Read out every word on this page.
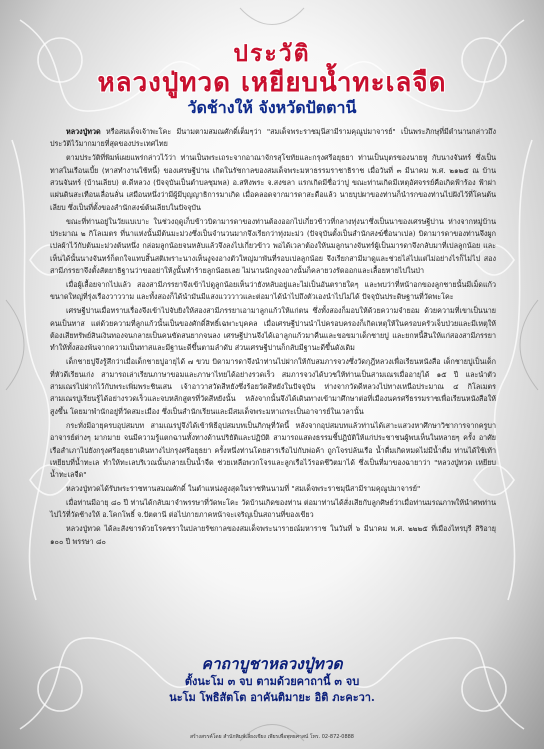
ประวัติ
หลวงปู่ทวด เหยียบน้ำทะเลจืด
วัดช้างให้ จังหวัดปัตตานี

หลวงปู่ทวด หรือสมเด็จเจ้าพะโคะ มีนามตามสมณศักดิ์เต็มๆว่า "สมเด็จพระราชมุนีสามีรามคุณูปมาจารย์" เป็นพระภิกษุที่มีตำนานกล่าวถึงประวัติไว้มากมายที่สุดของประเทศไทย

ตามประวัติที่พิมพ์เผยแพร่กล่าวไว้ว่า ท่านเป็นพระเถระจากอาณาจักรสุโขทัยและกรุงศรีอยุธยา ท่านเป็นบุตรของนายหู กับนางจันทร์ ซึ่งเป็นทาสในเรือนเบี้ย (ทาสทำงานใช้หนี้) ของเศรษฐีปาน เกิดในรัชกาลของสมเด็จพระมหาธรรมราชาธิราช เมื่อวันที่ ๓ มีนาคม พ.ศ. ๒๑๒๕ ณ บ้านสวนจันทร์ (บ้านเลียบ) ต.ดีหลวง (ปัจจุบันเป็นตำบลชุมพล) อ.สทิงพระ จ.สงขลา แรกเกิดมีชื่อว่าปู ขณะท่านเกิดมีเหตุอัศจรรย์คือเกิดฟ้าร้อง ฟ้าผ่า แผ่นดินสะเทือนเลื่อนลั่น เสมือนหนึ่งว่ามีผู้มีบุญญาธิการมาเกิด เมื่อคลอดจากมารดาสะดือแล้ว นายบุปผาของท่านก็นำรกของท่านไปฝังไว้ที่โคนต้นเลียบ ซึ่งเป็นที่ตั้งของสำนักสงฆ์ต้นเลียบในปัจจุบัน

ขณะที่ท่านอยู่ในวัยแบเบาะ ในช่วงฤดูเก็บข้าวบิดามารดาของท่านต้องออกไปเกี่ยวข้าวที่กลางทุ่งนาซึ่งเป็นนาของเศรษฐีปาน ห่างจากหมู่บ้านประมาณ ๒ กิโลเมตร ที่นาแห่งนั้นมีต้นมะม่วงซึ่งเป็นจำนวนมากจึงเรียกว่าทุ่งมะม่ว (ปัจจุบันตั้งเป็นสำนักสงฆ์ชื่อนาเปล) บิดามารดาของท่านจึงผูกเปลผ้าไว้กับต้นมะม่วงต้นหนึ่ง กล่อมลูกน้อยจนหลับแล้วจึงลงไปเกี่ยวข้าว พอได้เวลาต้องให้นมลูกนางจันทร์ผู้เป็นมารดาจึงกลับมาที่เปลลูกน้อย และเห็นได้นั้นนางจันทร์ก็ตกใจแทบสิ้นสติเพราะนางเห็นงูจงอางตัวใหญ่มาพันที่รอบเปลลูกน้อย จึงเรียกสามีมาดูและช่วยไล่ไปแต่ไม่อย่างไรก็ไม่ไป สองสามีภรรยาจึงตั้งสัตยาธิฐานว่าขออย่าให้งูนั้นทำร้ายลูกน้อยเลย ไม่นานนักงูจงอางนั้นก็คลายวงรัดออกและเลื้อยหายไปในป่า

เมื่อผู้เลื้อยจากไปแล้ว สองสามีภรรยาจึงเข้าไปดูลูกน้อยเห็นว่ายังหลับอยู่และไม่เป็นอันตรายใดๆ และพบว่าที่หน้าอกของลูกชายนั้นมีเม็ดแก้วขนาดใหญ่ที่รุ่งเรืองวาววาม และทั้งสองก็ได้นำมันมีแสงแวววาวและต่อมาได้นำไปถึงตัวเองนำไปไม่ได้ ปัจจุบันประดิษฐานที่วัดพะโคะ

เศรษฐีปานเมื่อทราบเรื่องจึงเข้าไปจับยิงให้สองสามีภรรยาเอามาลูกแก้วให้แก่ตน ซึ่งทั้งสองก็มอบให้ด้วยความจำยอม ด้วยความที่เขาเป็นนายคนเป็นทาส แต่ด้วยความที่ลูกแก้วนั้นเป็นของศักดิ์สิทธิ์เฉพาะบุคคล เมื่อเศรษฐีปานนำไปครอบครองก็เกิดเหตุให้ในครอบครัวเจ็บป่วยและมีเหตุให้ต้องเสียทรัพย์สินเงินทองจนกลายเป็นคนขัดสนยากจนลง เศรษฐีปานจึงได้เอาลูกแก้วมาคืนและขอขมาเด็กชายปู และยกหนี้สินให้แก่สองสามีภรรยา ทำให้ทั้งสองพ้นจากความเป็นทาสและมีฐานะดีขึ้นตามลำดับ ส่วนเศรษฐีปานก็กลับมีฐานะดีขึ้นดังเดิม

เด็กชายปูจึงรู้สึกว่าเมื่อเด็กชายปูอายุได้ ๗ ขวบ บิดามารดาจึงนำท่านไปฝากให้กับสมภารจวงซึ่งวัดกุฎีหลวงเพื่อเรียนหนังสือ เด็กชายปูเป็นเด็กที่หัวดีเรียนเก่ง สามารถเล่าเรียนภาษาขอมและภาษาไทยได้อย่างรวดเร็ว สมภารจวงได้บวชให้ท่านเป็นสามเณรเมื่ออายุได้ ๑๕ ปี และนำตัวสามเณรไปฝากไว้กับพระเพิ่มพระชินเสน เจ้าอาวาสวัดสีหยังซึ่งร้อยวัดสีหยังในปัจจุบัน ห่างจากวัดดีหลวงไปทางเหนือประมาณ ๔ กิโลเมตร สามเณรปูเรียนรู้ได้อย่างรวดเร็วและจบหลักสูตรที่วัดสีหยังนั้น หลังจากนั้นจึงได้เดินทางเข้ามาศึกษาต่อที่เมืองนครศรีธรรมราชเพื่อเรียนหนังสือให้สูงขึ้น โดยมาพำนักอยู่ที่วัดสมะเมือง ซึ่งเป็นสำนักเรียนและมีสมเด็จพระมหาเถระเป็นอาจารย์ในเวลานั้น

กระทั่งมีอายุครบอุปสมบท สามเณรปูจึงได้เข้าพิธีอุปสมบทเป็นภิกษุที่วัดนี้ หลังจากอุปสมบทแล้วท่านได้เสาะแสวงหาศึกษาวิชาการจากครูบาอาจารย์ต่างๆ มากมาย จนมีความรู้แตกฉานทั้งทางด้านปริยัติและปฏิบัติ สามารถแสดงธรรมชี้ปฏิบัติให้แก่ประชาชนผู้พบเห็นในหลายๆ ครั้ง อาศัยเรือสำเภาไปยังกรุงศรีอยุธยาเดินทางไปกรุงศรีอยุธยา ครั้งหนึ่งท่านโดยสารเรือไปกับพ่อค้า ถูกโจรปล้นเรือ น้ำดื่มเกิดหมดไม่มีน้ำดื่ม ท่านได้ใช้เท้าเหยียบที่น้ำทะเล ทำให้ทะเลบริเวณนั้นกลายเป็นน้ำจืด ช่วยเหลือพวกโจรและลูกเรือไว้รอดชีวิตมาได้ ซึ่งเป็นที่มาของฉายาว่า "หลวงปู่ทวด เหยียบน้ำทะเลจืด"

หลวงปู่ทวดได้รับพระราชทานสมณศักดิ์ ในตำแหน่งสูงสุดในราชทินนามที่ "สมเด็จพระราชมุนีสามีรามคุณูปมาจารย์"

เมื่อท่านมีอายุ ๘๐ ปี ท่านได้กลับมาจำพรรษาที่วัดพะโคะ วัดบ้านเกิดของท่าน ต่อมาท่านได้สั่งเสียกับลูกศิษย์ว่าเมื่อท่านมรณภาพให้นำศพท่านไปไว้ที่วัดช้างให้ อ.โคกโพธิ์ จ.ปัตตานี ต่อไปภายภาคหน้าจะเจริญเป็นสถานที่ของเขียว

หลวงปู่ทวด ได้ละสังขารด้วยโรคชราในปลายรัชกาลของสมเด็จพระนารายณ์มหาราช ในวันที่ ๖ มีนาคม พ.ศ. ๒๒๒๕ ที่เมืองไทรบุรี สิริอายุ ๑๐๐ ปี พรรษา ๘๐

คาถาบูชาหลวงปู่ทวด
ตั้งนะโม ๓ จบ ตามด้วยคาถานี้ ๓ จบ
นะโม โพธิสัตโต อาคันติมายะ อิติ ภะคะวา.
สร้างสรรค์โดย สำนักพิมพ์เลี่ยงเชียง เพียรเพื่อพุทธศาสน์ โทร. 02-872-0888
